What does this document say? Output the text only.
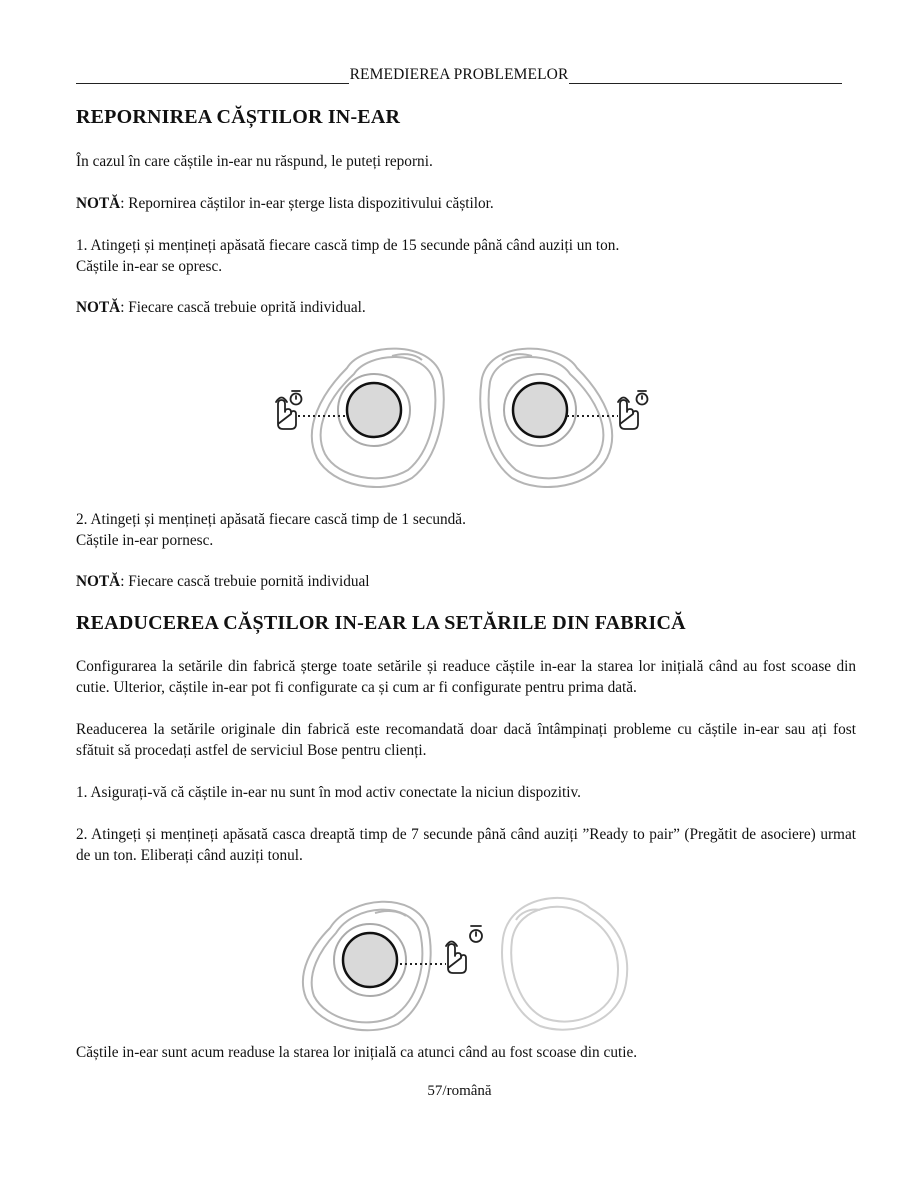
REMEDIEREA PROBLEMELOR
REPORNIREA CĂȘTILOR IN-EAR

În cazul în care căștile in-ear nu răspund, le puteți reporni.

NOTĂ: Repornirea căștilor in-ear șterge lista dispozitivului căștilor.

1. Atingeți și mențineți apăsată fiecare cască timp de 15 secunde până când auziți un ton.
Căștile in-ear se opresc.

NOTĂ: Fiecare cască trebuie oprită individual.

2. Atingeți și mențineți apăsată fiecare cască timp de 1 secundă.
Căștile in-ear pornesc.

NOTĂ: Fiecare cască trebuie pornită individual

READUCEREA CĂȘTILOR IN-EAR LA SETĂRILE DIN FABRICĂ

Configurarea la setările din fabrică șterge toate setările și readuce căștile in-ear la starea lor inițială când au fost scoase din cutie. Ulterior, căștile in-ear pot fi configurate ca și cum ar fi configurate pentru prima dată.

Readucerea la setările originale din fabrică este recomandată doar dacă întâmpinați probleme cu căștile in-ear sau ați fost sfătuit să procedați astfel de serviciul Bose pentru clienți.

1. Asigurați-vă că căștile in-ear nu sunt în mod activ conectate la niciun dispozitiv.

2. Atingeți și mențineți apăsată casca dreaptă timp de 7 secunde până când auziți ”Ready to pair” (Pregătit de asociere) urmat de un ton. Eliberați când auziți tonul.

Căștile in-ear sunt acum readuse la starea lor inițială ca atunci când au fost scoase din cutie.

57/română
